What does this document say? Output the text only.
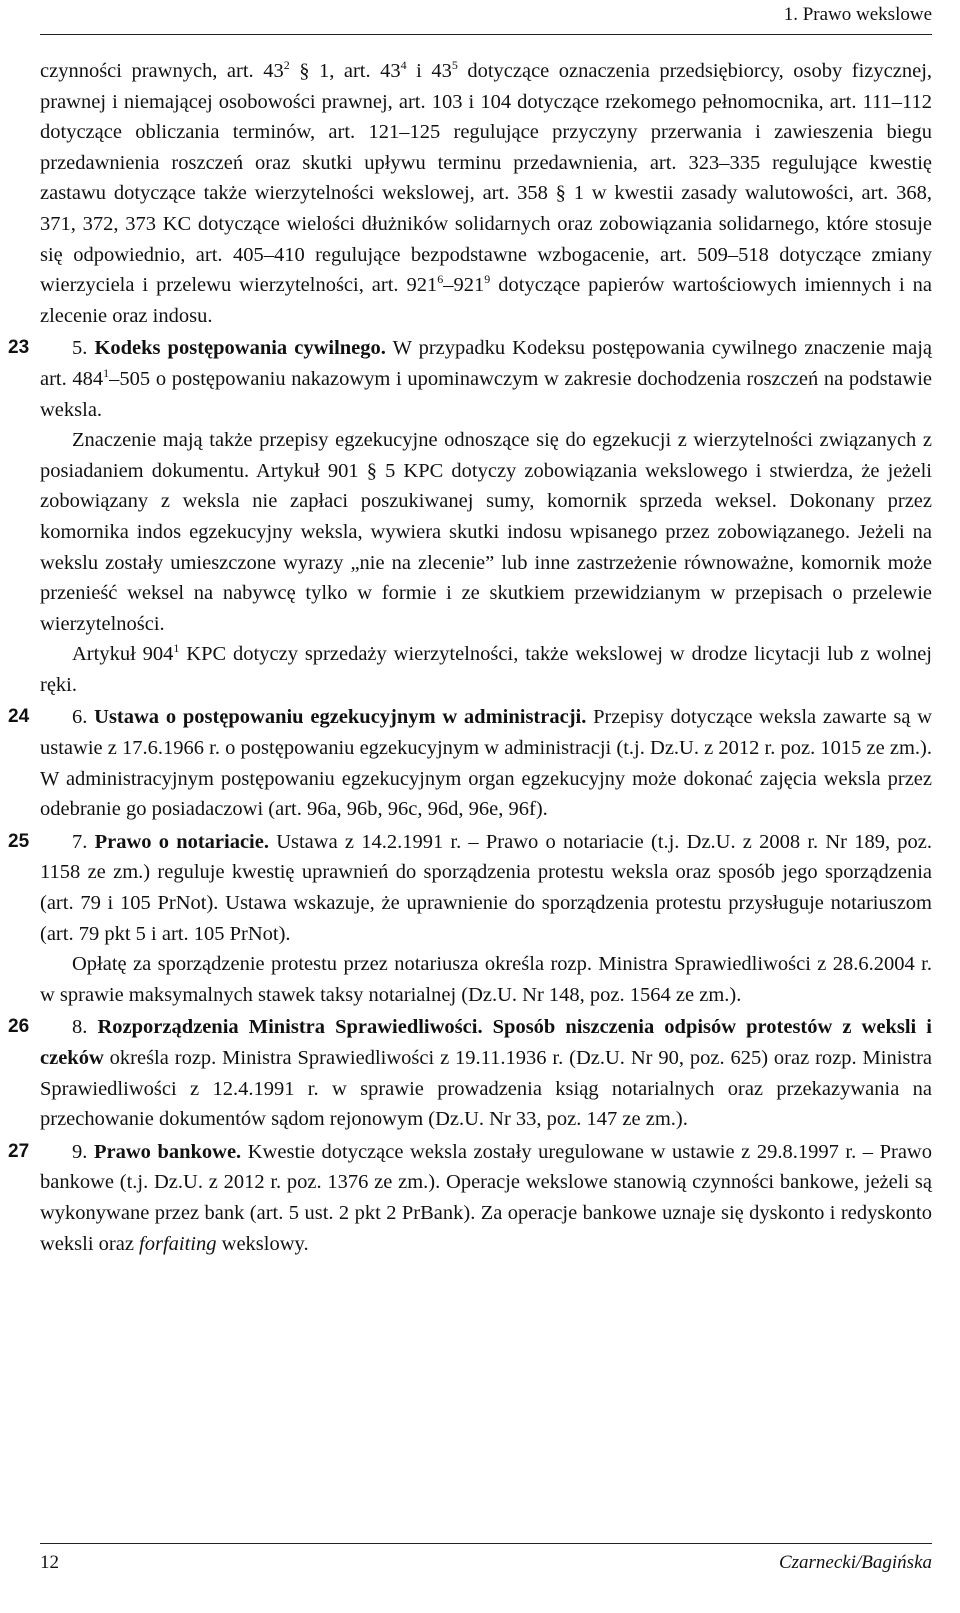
1. Prawo wekslowe

czynności prawnych, art. $43^2$ § 1, art. $43^4$ i $43^5$ dotyczące oznaczenia przedsiębiorcy, osoby fizycznej, prawnej i niemającej osobowości prawnej, art. 103 i 104 dotyczące rzekomego pełnomocnika, art. 111–112 dotyczące obliczania terminów, art. 121–125 regulujące przyczyny przerwania i zawieszenia biegu przedawnienia roszczeń oraz skutki upływu terminu przedawnienia, art. 323–335 regulujące kwestię zastawu dotyczące także wierzytelności wekslowej, art. 358 § 1 w kwestii zasady walutowości, art. 368, 371, 372, 373 KC dotyczące wielości dłużników solidarnych oraz zobowiązania solidarnego, które stosuje się odpowiednio, art. 405–410 regulujące bezpodstawne wzbogacenie, art. 509–518 dotyczące zmiany wierzyciela i przelewu wierzytelności, art. $921^6-921^9$ dotyczące papierów wartościowych imiennych i na zlecenie oraz indosu.

23	5. Kodeks postępowania cywilnego. W przypadku Kodeksu postępowania cywilnego znaczenie mają art. $484^1-505$ o postępowaniu nakazowym i upominawczym w zakresie dochodzenia roszczeń na podstawie weksla.

Znaczenie mają także przepisy egzekucyjne odnoszące się do egzekucji z wierzytelności związanych z posiadaniem dokumentu. Artykuł 901 § 5 KPC dotyczy zobowiązania wekslowego i stwierdza, że jeżeli zobowiązany z weksla nie zapłaci poszukiwanej sumy, komornik sprzeda weksel. Dokonany przez komornika indos egzekucyjny weksla, wywiera skutki indosu wpisanego przez zobowiązanego. Jeżeli na wekslu zostały umieszczone wyrazy „nie na zlecenie” lub inne zastrzeżenie równoważne, komornik może przenieść weksel na nabywcę tylko w formie i ze skutkiem przewidzianym w przepisach o przelewie wierzytelności.

Artykuł $904^1$ KPC dotyczy sprzedaży wierzytelności, także wekslowej w drodze licytacji lub z wolnej ręki.

24	6. Ustawa o postępowaniu egzekucyjnym w administracji. Przepisy dotyczące weksla zawarte są w ustawie z 17.6.1966 r. o postępowaniu egzekucyjnym w administracji (t.j. Dz.U. z 2012 r. poz. 1015 ze zm.). W administracyjnym postępowaniu egzekucyjnym organ egzekucyjny może dokonać zajęcia weksla przez odebranie go posiadaczowi (art. 96a, 96b, 96c, 96d, 96e, 96f).

25	7. Prawo o notariacie. Ustawa z 14.2.1991 r. – Prawo o notariacie (t.j. Dz.U. z 2008 r. Nr 189, poz. 1158 ze zm.) reguluje kwestię uprawnień do sporządzenia protestu weksla oraz sposób jego sporządzenia (art. 79 i 105 PrNot). Ustawa wskazuje, że uprawnienie do sporządzenia protestu przysługuje notariuszom (art. 79 pkt 5 i art. 105 PrNot).

Opłatę za sporządzenie protestu przez notariusza określa rozp. Ministra Sprawiedliwości z 28.6.2004 r. w sprawie maksymalnych stawek taksy notarialnej (Dz.U. Nr 148, poz. 1564 ze zm.).

26	8. Rozporządzenia Ministra Sprawiedliwości. Sposób niszczenia odpisów protestów z weksli i czeków określa rozp. Ministra Sprawiedliwości z 19.11.1936 r. (Dz.U. Nr 90, poz. 625) oraz rozp. Ministra Sprawiedliwości z 12.4.1991 r. w sprawie prowadzenia ksiąg notarialnych oraz przekazywania na przechowanie dokumentów sądom rejonowym (Dz.U. Nr 33, poz. 147 ze zm.).

27	9. Prawo bankowe. Kwestie dotyczące weksla zostały uregulowane w ustawie z 29.8.1997 r. – Prawo bankowe (t.j. Dz.U. z 2012 r. poz. 1376 ze zm.). Operacje wekslowe stanowią czynności bankowe, jeżeli są wykonywane przez bank (art. 5 ust. 2 pkt 2 PrBank). Za operacje bankowe uznaje się dyskonto i redyskonto weksli oraz forfaiting wekslowy.

12	Czarnecki/Bagińska
